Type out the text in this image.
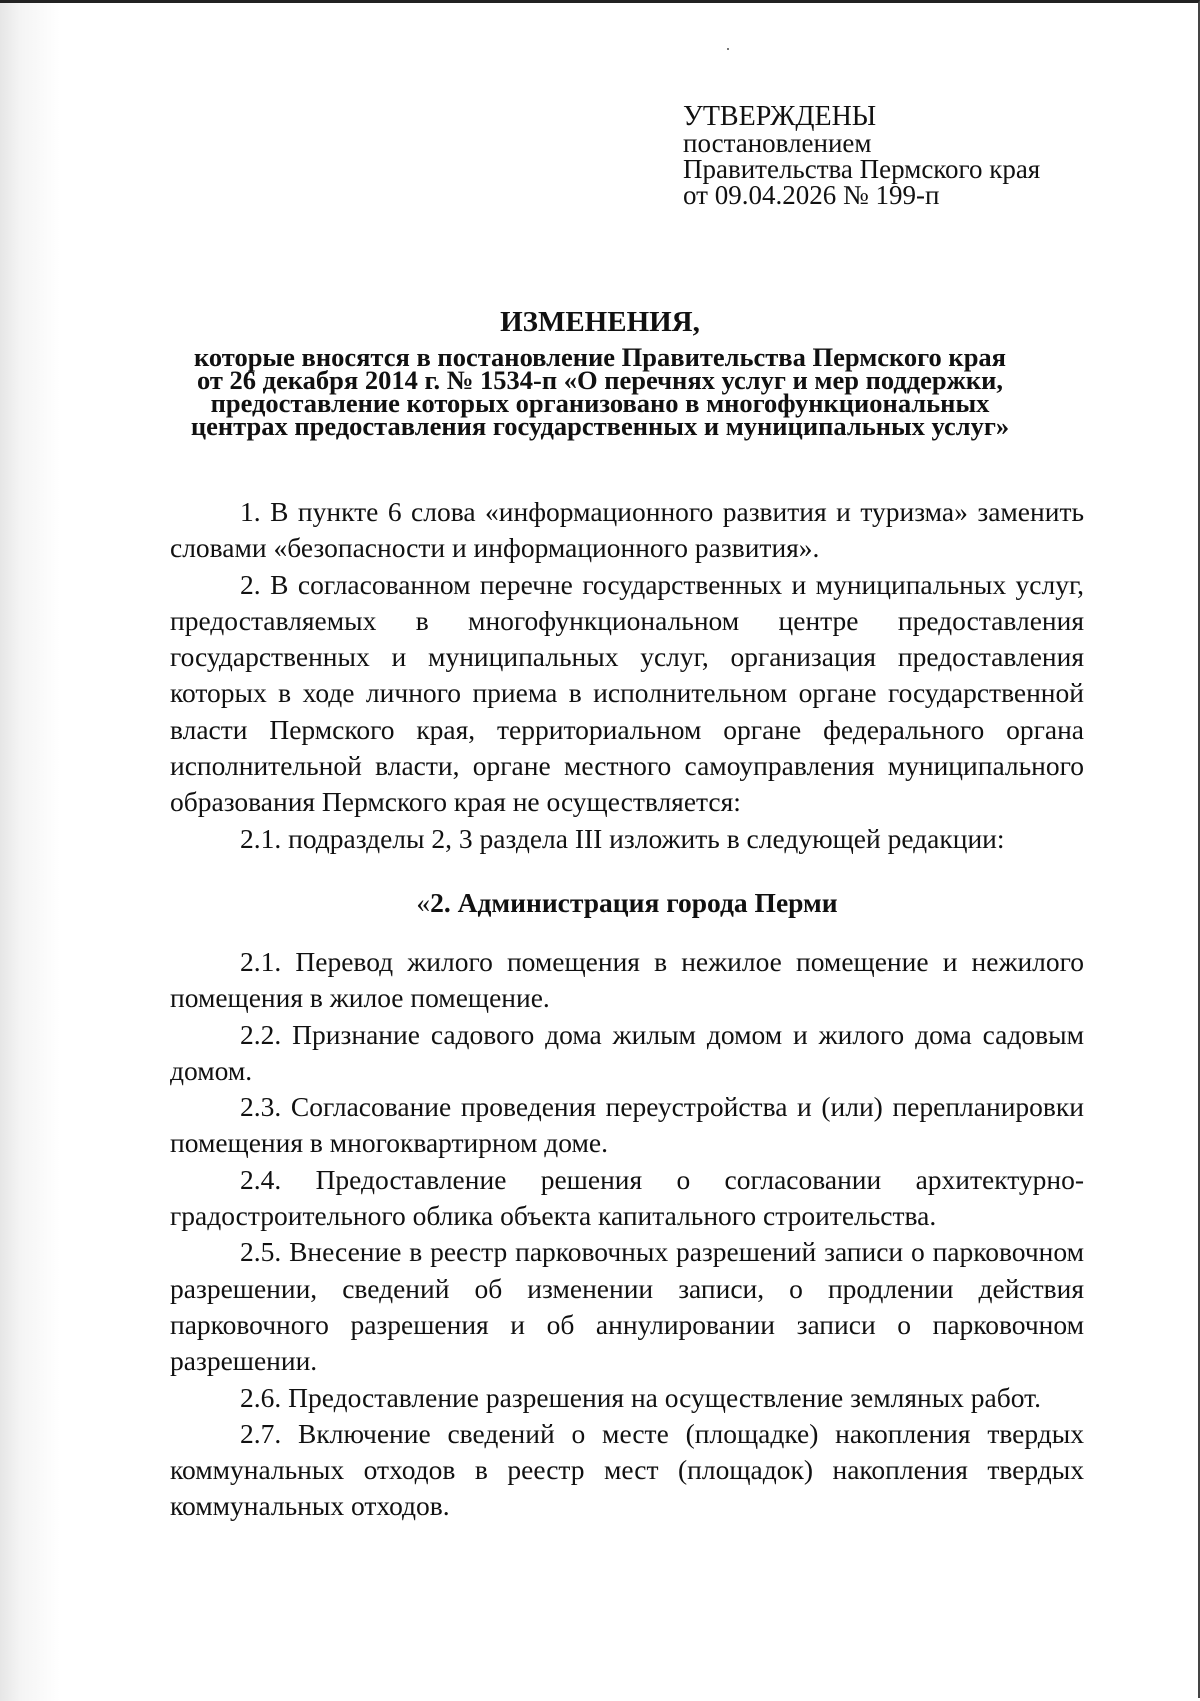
УТВЕРЖДЕНЫ
постановлением
Правительства Пермского края
от 09.04.2026 № 199-п
ИЗМЕНЕНИЯ,
которые вносятся в постановление Правительства Пермского края
от 26 декабря 2014 г. № 1534-п «О перечнях услуг и мер поддержки,
предоставление которых организовано в многофункциональных
центрах предоставления государственных и муниципальных услуг»

1. В пункте 6 слова «информационного развития и туризма» заменить словами «безопасности и информационного развития».

2. В согласованном перечне государственных и муниципальных услуг, предоставляемых в многофункциональном центре предоставления государственных и муниципальных услуг, организация предоставления которых в ходе личного приема в исполнительном органе государственной власти Пермского края, территориальном органе федерального органа исполнительной власти, органе местного самоуправления муниципального образования Пермского края не осуществляется:

2.1. подразделы 2, 3 раздела III изложить в следующей редакции:

«2. Администрация города Перми

2.1. Перевод жилого помещения в нежилое помещение и нежилого помещения в жилое помещение.

2.2. Признание садового дома жилым домом и жилого дома садовым домом.

2.3. Согласование проведения переустройства и (или) перепланировки помещения в многоквартирном доме.

2.4. Предоставление решения о согласовании архитектурно-градостроительного облика объекта капитального строительства.

2.5. Внесение в реестр парковочных разрешений записи о парковочном разрешении, сведений об изменении записи, о продлении действия парковочного разрешения и об аннулировании записи о парковочном разрешении.

2.6. Предоставление разрешения на осуществление земляных работ.

2.7. Включение сведений о месте (площадке) накопления твердых коммунальных отходов в реестр мест (площадок) накопления твердых коммунальных отходов.
